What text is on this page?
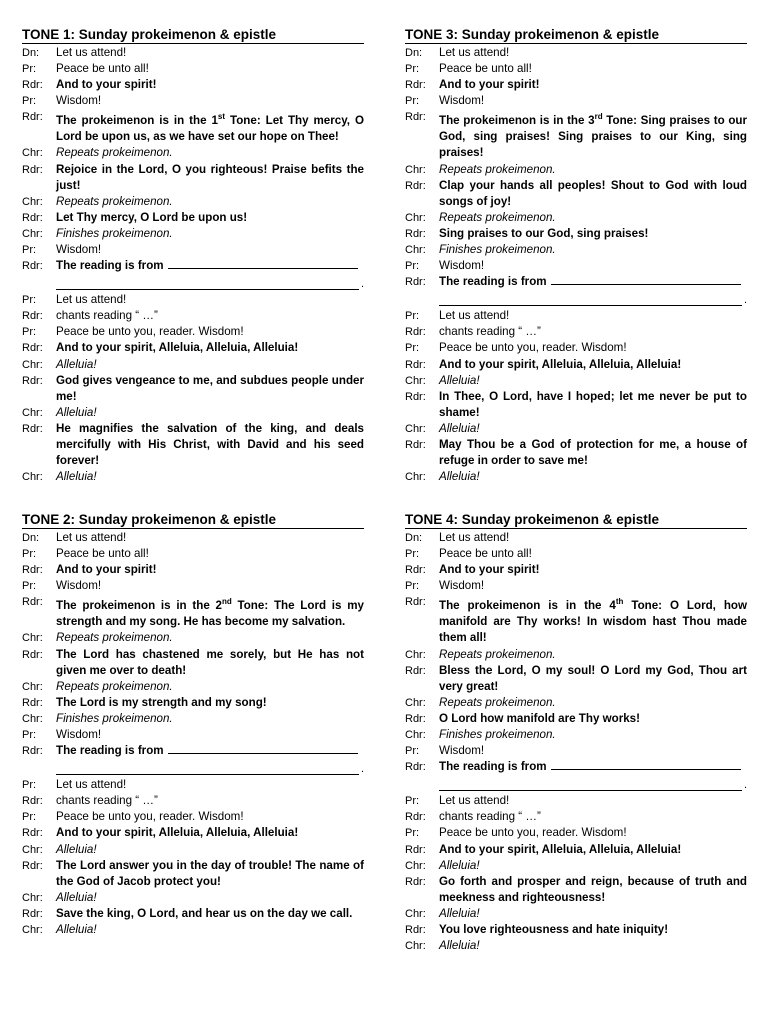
TONE 1: Sunday prokeimenon & epistle
Dn:	Let us attend!
Pr:	Peace be unto all!
Rdr:	And to your spirit!
Pr:	Wisdom!
Rdr:	The prokeimenon is in the 1st Tone: Let Thy mercy, O Lord be upon us, as we have set our hope on Thee!
Chr:	Repeats prokeimenon.
Rdr:	Rejoice in the Lord, O you righteous! Praise befits the just!
Chr:	Repeats prokeimenon.
Rdr:	Let Thy mercy, O Lord be upon us!
Chr:	Finishes prokeimenon.
Pr:	Wisdom!
Rdr:	The reading is from
.
Pr:	Let us attend!
Rdr:	chants reading “ …”
Pr:	Peace be unto you, reader. Wisdom!
Rdr:	And to your spirit, Alleluia, Alleluia, Alleluia!
Chr:	Alleluia!
Rdr:	God gives vengeance to me, and subdues people under me!
Chr:	Alleluia!
Rdr:	He magnifies the salvation of the king, and deals mercifully with His Christ, with David and his seed forever!
Chr:	Alleluia!
TONE 3: Sunday prokeimenon & epistle
Dn:	Let us attend!
Pr:	Peace be unto all!
Rdr:	And to your spirit!
Pr:	Wisdom!
Rdr:	The prokeimenon is in the 3rd Tone: Sing praises to our God, sing praises! Sing praises to our King, sing praises!
Chr:	Repeats prokeimenon.
Rdr:	Clap your hands all peoples! Shout to God with loud songs of joy!
Chr:	Repeats prokeimenon.
Rdr:	Sing praises to our God, sing praises!
Chr:	Finishes prokeimenon.
Pr:	Wisdom!
Rdr:	The reading is from
.
Pr:	Let us attend!
Rdr:	chants reading “ …”
Pr:	Peace be unto you, reader. Wisdom!
Rdr:	And to your spirit, Alleluia, Alleluia, Alleluia!
Chr:	Alleluia!
Rdr:	In Thee, O Lord, have I hoped; let me never be put to shame!
Chr:	Alleluia!
Rdr:	May Thou be a God of protection for me, a house of refuge in order to save me!
Chr:	Alleluia!
TONE 2: Sunday prokeimenon & epistle
Dn:	Let us attend!
Pr:	Peace be unto all!
Rdr:	And to your spirit!
Pr:	Wisdom!
Rdr:	The prokeimenon is in the 2nd Tone: The Lord is my strength and my song. He has become my salvation.
Chr:	Repeats prokeimenon.
Rdr:	The Lord has chastened me sorely, but He has not given me over to death!
Chr:	Repeats prokeimenon.
Rdr:	The Lord is my strength and my song!
Chr:	Finishes prokeimenon.
Pr:	Wisdom!
Rdr:	The reading is from
.
Pr:	Let us attend!
Rdr:	chants reading “ …”
Pr:	Peace be unto you, reader. Wisdom!
Rdr:	And to your spirit, Alleluia, Alleluia, Alleluia!
Chr:	Alleluia!
Rdr:	The Lord answer you in the day of trouble! The name of the God of Jacob protect you!
Chr:	Alleluia!
Rdr:	Save the king, O Lord, and hear us on the day we call.
Chr:	Alleluia!
TONE 4: Sunday prokeimenon & epistle
Dn:	Let us attend!
Pr:	Peace be unto all!
Rdr:	And to your spirit!
Pr:	Wisdom!
Rdr:	The prokeimenon is in the 4th Tone: O Lord, how manifold are Thy works! In wisdom hast Thou made them all!
Chr:	Repeats prokeimenon.
Rdr:	Bless the Lord, O my soul! O Lord my God, Thou art very great!
Chr:	Repeats prokeimenon.
Rdr:	O Lord how manifold are Thy works!
Chr:	Finishes prokeimenon.
Pr:	Wisdom!
Rdr:	The reading is from
.
Pr:	Let us attend!
Rdr:	chants reading “ …”
Pr:	Peace be unto you, reader. Wisdom!
Rdr:	And to your spirit, Alleluia, Alleluia, Alleluia!
Chr:	Alleluia!
Rdr:	Go forth and prosper and reign, because of truth and meekness and righteousness!
Chr:	Alleluia!
Rdr:	You love righteousness and hate iniquity!
Chr:	Alleluia!
